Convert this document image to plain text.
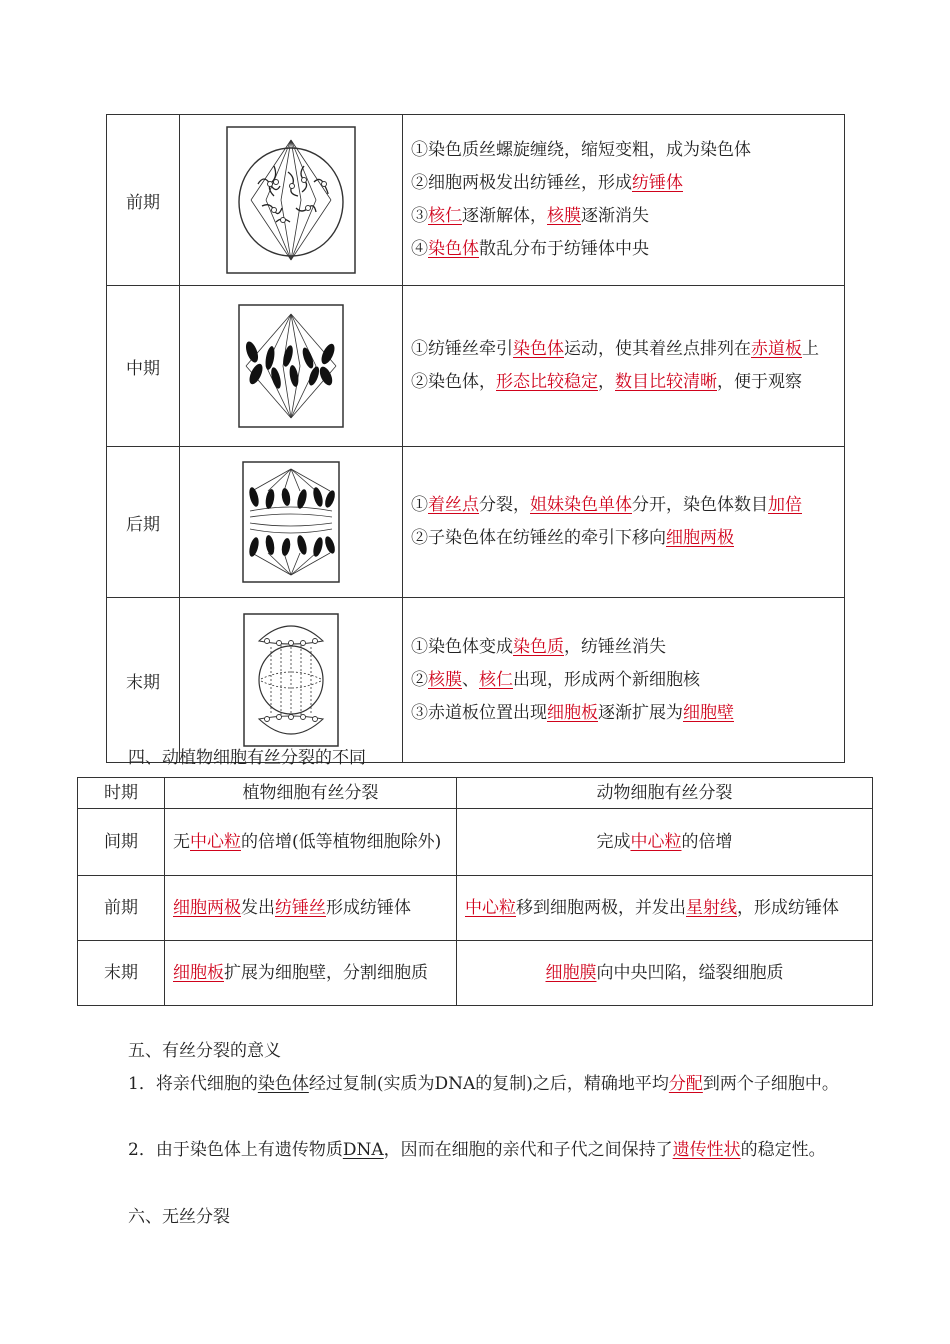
前期		①染色质丝螺旋缠绕，缩短变粗，成为染色体
②细胞两极发出纺锤丝，形成纺锤体
③核仁逐渐解体，核膜逐渐消失
④染色体散乱分布于纺锤体中央

中期		①纺锤丝牵引染色体运动，使其着丝点排列在赤道板上
②染色体，形态比较稳定，数目比较清晰，便于观察

后期		①着丝点分裂，姐妹染色单体分开，染色体数目加倍
②子染色体在纺锤丝的牵引下移向细胞两极

末期		①染色体变成染色质，纺锤丝消失
②核膜、核仁出现，形成两个新细胞核
③赤道板位置出现细胞板逐渐扩展为细胞壁
四、动植物细胞有丝分裂的不同
时期	植物细胞有丝分裂	动物细胞有丝分裂
间期	无中心粒的倍增(低等植物细胞除外)	完成中心粒的倍增
前期	细胞两极发出纺锤丝形成纺锤体	中心粒移到细胞两极，并发出星射线，形成纺锤体
末期	细胞板扩展为细胞壁，分割细胞质	细胞膜向中央凹陷，缢裂细胞质
五、有丝分裂的意义
1．将亲代细胞的染色体经过复制(实质为DNA的复制)之后，精确地平均分配到两个子细胞中。
2．由于染色体上有遗传物质DNA，因而在细胞的亲代和子代之间保持了遗传性状的稳定性。
六、无丝分裂
